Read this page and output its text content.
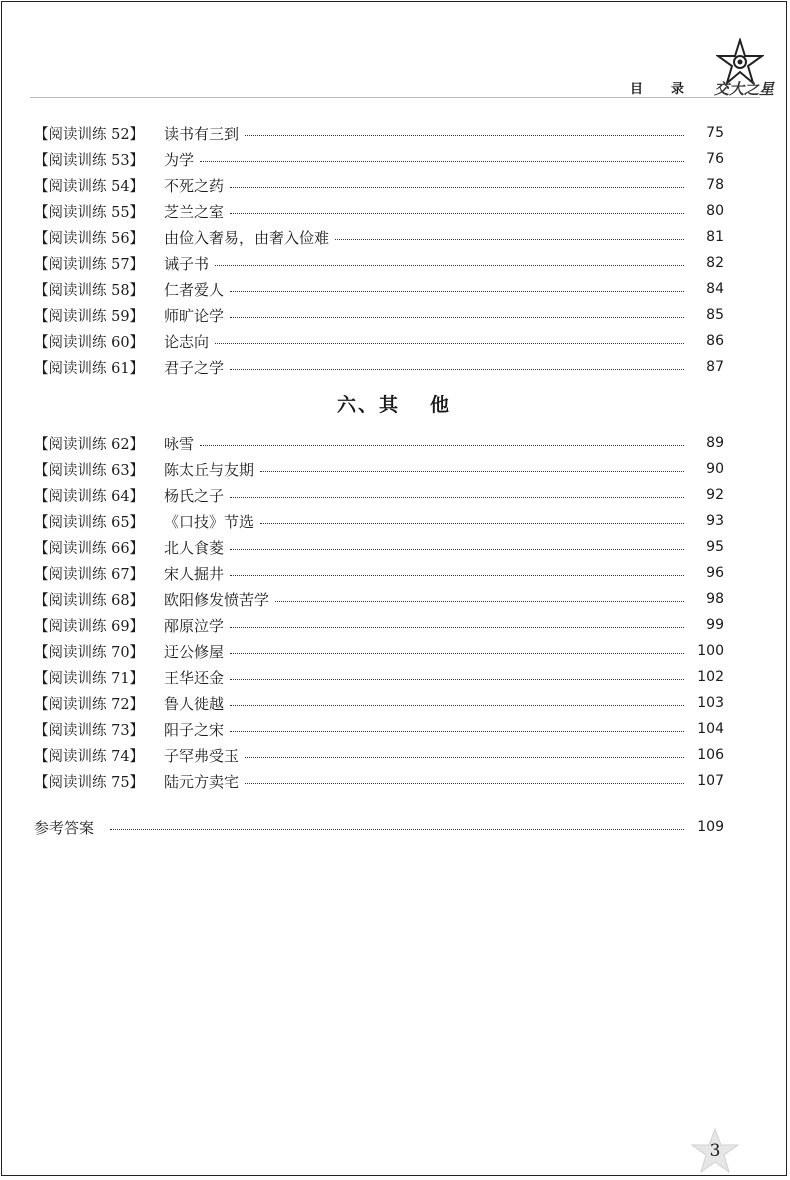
目 录 交大之星
【阅读训练 52】	读书有三到	75
【阅读训练 53】	为学	76
【阅读训练 54】	不死之药	78
【阅读训练 55】	芝兰之室	80
【阅读训练 56】	由俭入奢易，由奢入俭难	81
【阅读训练 57】	诫子书	82
【阅读训练 58】	仁者爱人	84
【阅读训练 59】	师旷论学	85
【阅读训练 60】	论志向	86
【阅读训练 61】	君子之学	87
六、其 他
【阅读训练 62】	咏雪	89
【阅读训练 63】	陈太丘与友期	90
【阅读训练 64】	杨氏之子	92
【阅读训练 65】	《口技》节选	93
【阅读训练 66】	北人食菱	95
【阅读训练 67】	宋人掘井	96
【阅读训练 68】	欧阳修发愤苦学	98
【阅读训练 69】	邴原泣学	99
【阅读训练 70】	迂公修屋	100
【阅读训练 71】	王华还金	102
【阅读训练 72】	鲁人徙越	103
【阅读训练 73】	阳子之宋	104
【阅读训练 74】	子罕弗受玉	106
【阅读训练 75】	陆元方卖宅	107
参考答案	109
3
